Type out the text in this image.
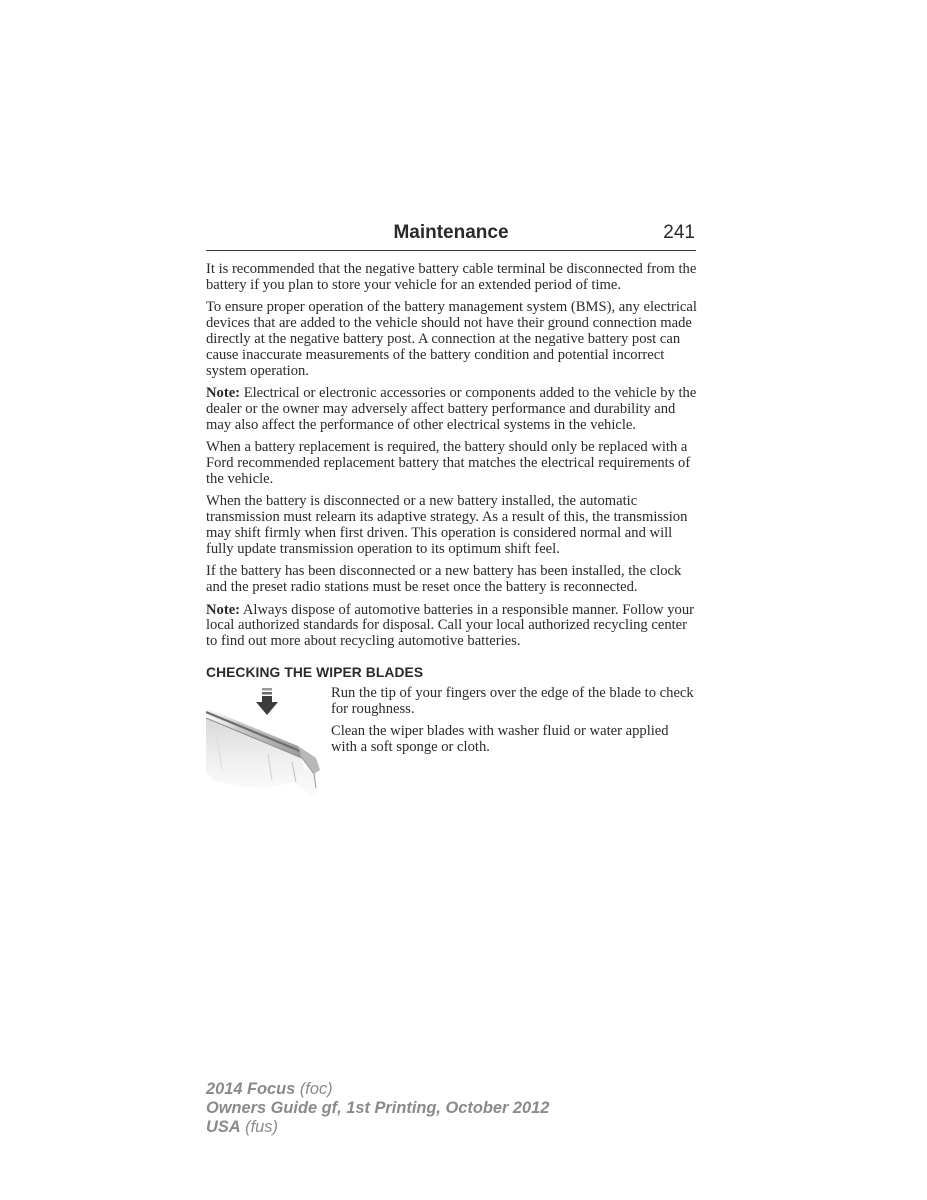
Maintenance	241

It is recommended that the negative battery cable terminal be disconnected from the battery if you plan to store your vehicle for an extended period of time.

To ensure proper operation of the battery management system (BMS), any electrical devices that are added to the vehicle should not have their ground connection made directly at the negative battery post. A connection at the negative battery post can cause inaccurate measurements of the battery condition and potential incorrect system operation.

Note: Electrical or electronic accessories or components added to the vehicle by the dealer or the owner may adversely affect battery performance and durability and may also affect the performance of other electrical systems in the vehicle.

When a battery replacement is required, the battery should only be replaced with a Ford recommended replacement battery that matches the electrical requirements of the vehicle.

When the battery is disconnected or a new battery installed, the automatic transmission must relearn its adaptive strategy. As a result of this, the transmission may shift firmly when first driven. This operation is considered normal and will fully update transmission operation to its optimum shift feel.

If the battery has been disconnected or a new battery has been installed, the clock and the preset radio stations must be reset once the battery is reconnected.

Note: Always dispose of automotive batteries in a responsible manner. Follow your local authorized standards for disposal. Call your local authorized recycling center to find out more about recycling automotive batteries.

CHECKING THE WIPER BLADES

Run the tip of your fingers over the edge of the blade to check for roughness.

Clean the wiper blades with washer fluid or water applied with a soft sponge or cloth.

2014 Focus (foc)
Owners Guide gf, 1st Printing, October 2012
USA (fus)
